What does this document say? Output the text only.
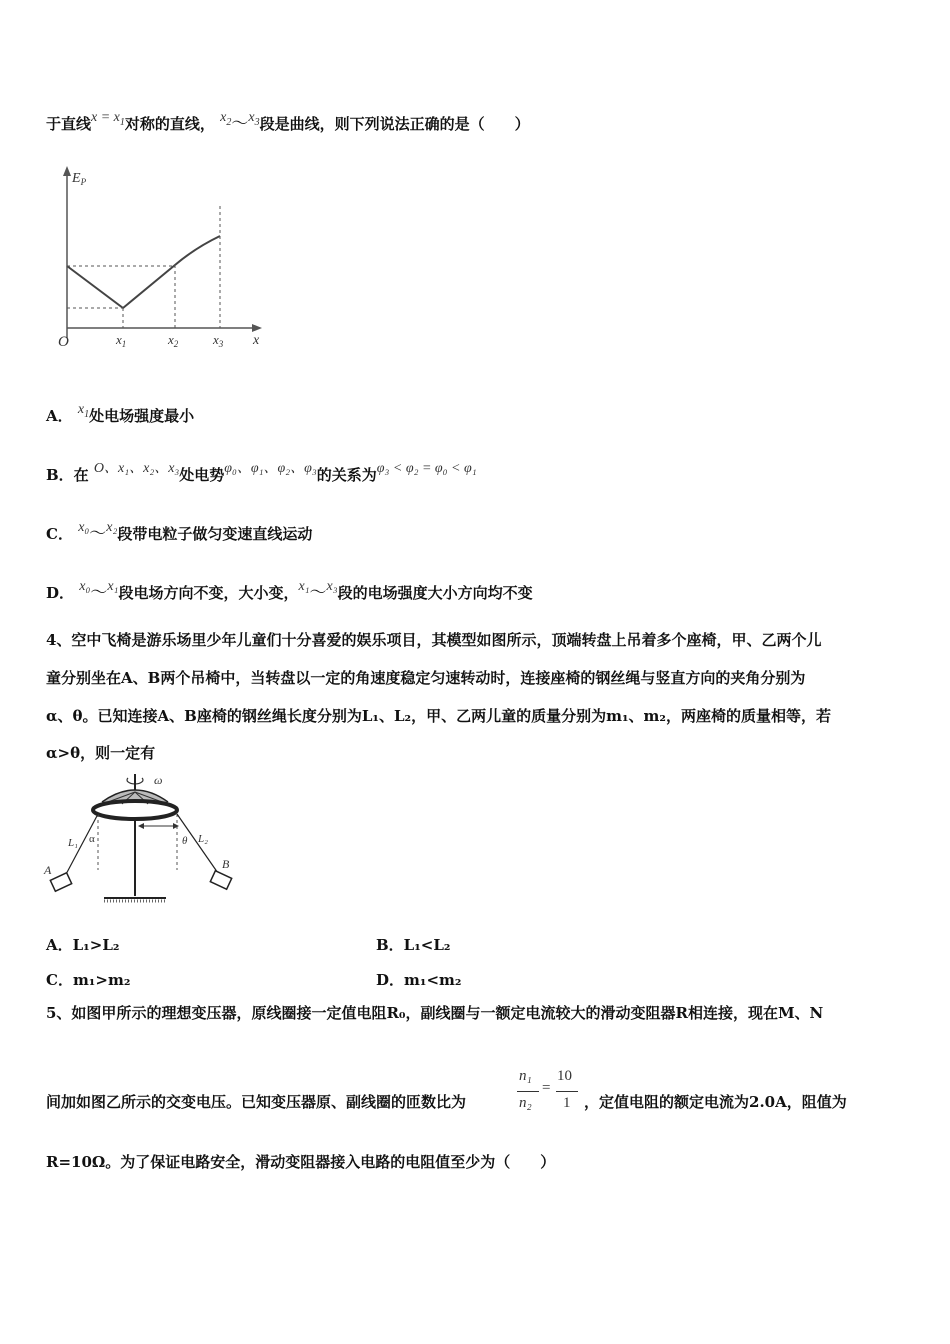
于直线$x = x_1$对称的直线， $x_2\sim x_3$段是曲线，则下列说法正确的是（　　）
$E_P$
O	x
$x_1$	$x_2$	$x_3$
A． $x_1$处电场强度最小
B．在 O、x₁、x₂、x₃处电势φ₀、φ₁、φ₂、φ₃的关系为φ₃ < φ₂ = φ₀ < φ₁
C． x₀～x₂段带电粒子做匀变速直线运动
D． x₀～x₁段电场方向不变，大小变，x₁～x₃段的电场强度大小方向均不变
4、空中飞椅是游乐场里少年儿童们十分喜爱的娱乐项目，其模型如图所示，顶端转盘上吊着多个座椅，甲、乙两个儿
童分别坐在A、B两个吊椅中，当转盘以一定的角速度稳定匀速转动时，连接座椅的钢丝绳与竖直方向的夹角分别为
α、θ。已知连接A、B座椅的钢丝绳长度分别为L₁、L₂，甲、乙两儿童的质量分别为m₁、m₂，两座椅的质量相等，若
α>θ，则一定有
ω
L₁ α	θ L₂
A	B
A．L₁>L₂	B．L₁<L₂
C．m₁>m₂	D．m₁<m₂
5、如图甲所示的理想变压器，原线圈接一定值电阻R₀，副线圈与一额定电流较大的滑动变阻器R相连接，现在M、N
间加如图乙所示的交变电压。已知变压器原、副线圈的匝数比为
n₁
n₂
=
10
1 ，定值电阻的额定电流为2.0A，阻值为
R=10Ω。为了保证电路安全，滑动变阻器接入电路的电阻值至少为（　　）
